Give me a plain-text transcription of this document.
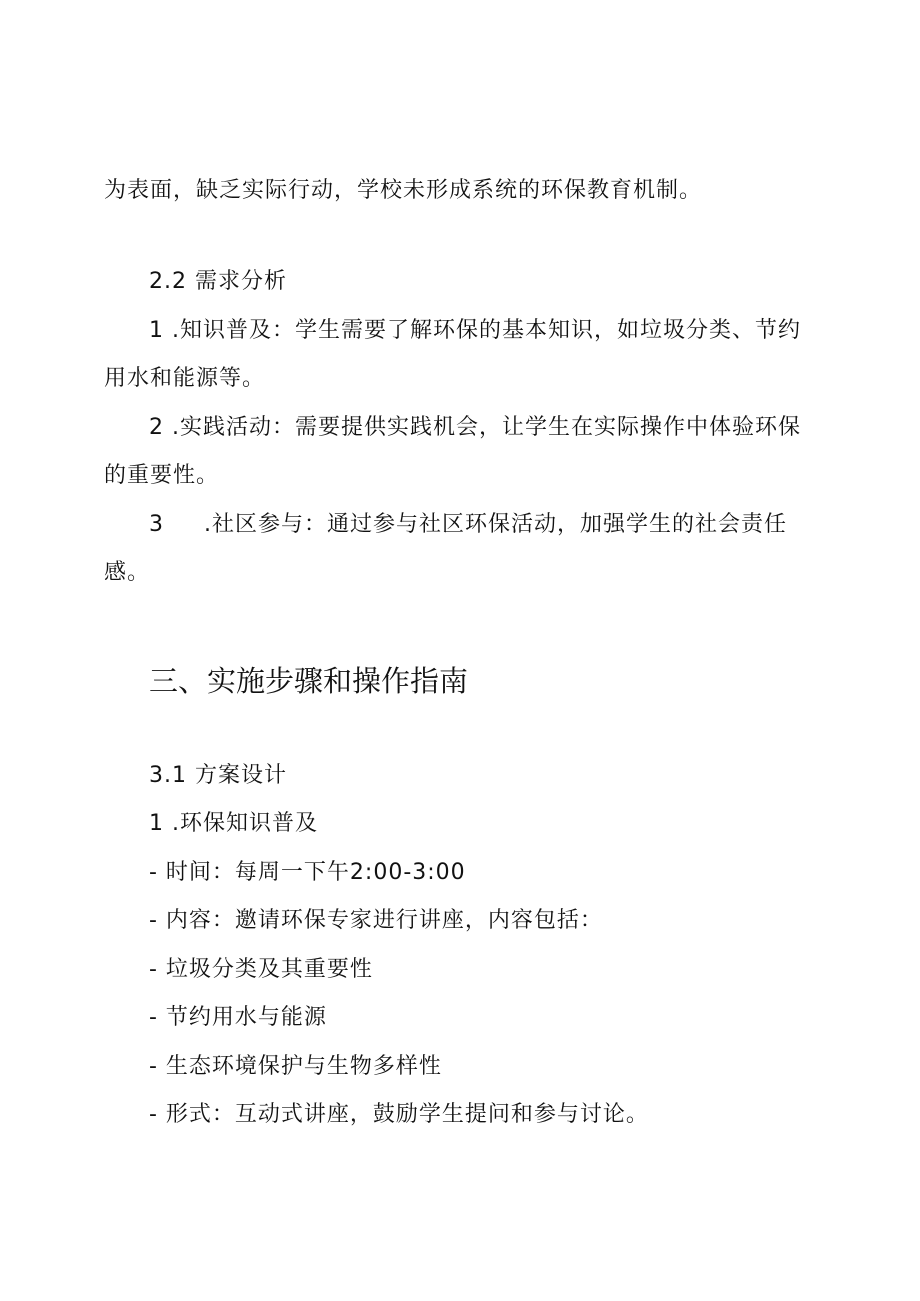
为表面，缺乏实际行动，学校未形成系统的环保教育机制。
2.2 需求分析
1 .知识普及：学生需要了解环保的基本知识，如垃圾分类、节约
用水和能源等。
2 .实践活动：需要提供实践机会，让学生在实际操作中体验环保
的重要性。
3 .社区参与：通过参与社区环保活动，加强学生的社会责任
感。
三、实施步骤和操作指南
3.1 方案设计
1 .环保知识普及
- 时间：每周一下午2:00-3:00
- 内容：邀请环保专家进行讲座，内容包括：
- 垃圾分类及其重要性
- 节约用水与能源
- 生态环境保护与生物多样性
- 形式：互动式讲座，鼓励学生提问和参与讨论。
